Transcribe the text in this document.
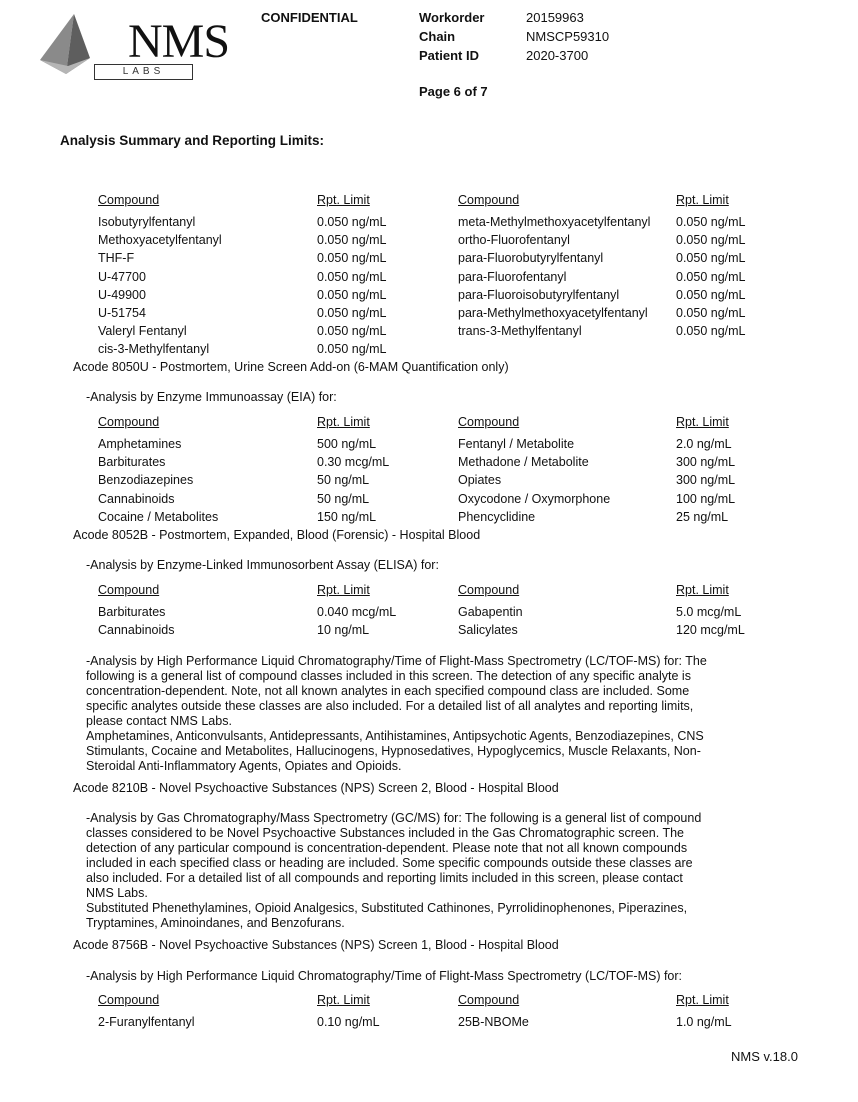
NMS
LABS
CONFIDENTIAL	Workorder	20159963
Chain	NMSCP59310
Patient ID	2020-3700
Page 6 of 7
Analysis Summary and Reporting Limits:
Compound	Rpt. Limit	Compound	Rpt. Limit
Isobutyrylfentanyl	0.050 ng/mL	meta-Methylmethoxyacetylfentanyl 0.050 ng/mL
Methoxyacetylfentanyl	0.050 ng/mL	ortho-Fluorofentanyl	0.050 ng/mL
THF-F	0.050 ng/mL	para-Fluorobutyrylfentanyl	0.050 ng/mL
U-47700	0.050 ng/mL	para-Fluorofentanyl	0.050 ng/mL
U-49900	0.050 ng/mL	para-Fluoroisobutyrylfentanyl	0.050 ng/mL
U-51754	0.050 ng/mL	para-Methylmethoxyacetylfentanyl 0.050 ng/mL
Valeryl Fentanyl	0.050 ng/mL	trans-3-Methylfentanyl	0.050 ng/mL
cis-3-Methylfentanyl	0.050 ng/mL
Acode 8050U - Postmortem, Urine Screen Add-on (6-MAM Quantification only)
-Analysis by Enzyme Immunoassay (EIA) for:
Compound	Rpt. Limit	Compound	Rpt. Limit
Amphetamines	500 ng/mL	Fentanyl / Metabolite	2.0 ng/mL
Barbiturates	0.30 mcg/mL	Methadone / Metabolite	300 ng/mL
Benzodiazepines	50 ng/mL	Opiates	300 ng/mL
Cannabinoids	50 ng/mL	Oxycodone / Oxymorphone	100 ng/mL
Cocaine / Metabolites	150 ng/mL	Phencyclidine	25 ng/mL
Acode 8052B - Postmortem, Expanded, Blood (Forensic) - Hospital Blood
-Analysis by Enzyme-Linked Immunosorbent Assay (ELISA) for:
Compound	Rpt. Limit	Compound	Rpt. Limit
Barbiturates	0.040 mcg/mL	Gabapentin	5.0 mcg/mL
Cannabinoids	10 ng/mL	Salicylates	120 mcg/mL

-Analysis by High Performance Liquid Chromatography/Time of Flight-Mass Spectrometry (LC/TOF-MS) for: The

following is a general list of compound classes included in this screen. The detection of any specific analyte is

concentration-dependent. Note, not all known analytes in each specified compound class are included. Some

specific analytes outside these classes are also included. For a detailed list of all analytes and reporting limits,

please contact NMS Labs.

Amphetamines, Anticonvulsants, Antidepressants, Antihistamines, Antipsychotic Agents, Benzodiazepines, CNS

Stimulants, Cocaine and Metabolites, Hallucinogens, Hypnosedatives, Hypoglycemics, Muscle Relaxants, Non-

Steroidal Anti-Inflammatory Agents, Opiates and Opioids.

Acode 8210B - Novel Psychoactive Substances (NPS) Screen 2, Blood - Hospital Blood

-Analysis by Gas Chromatography/Mass Spectrometry (GC/MS) for: The following is a general list of compound

classes considered to be Novel Psychoactive Substances included in the Gas Chromatographic screen. The

detection of any particular compound is concentration-dependent. Please note that not all known compounds

included in each specified class or heading are included. Some specific compounds outside these classes are

also included. For a detailed list of all compounds and reporting limits included in this screen, please contact

NMS Labs.

Substituted Phenethylamines, Opioid Analgesics, Substituted Cathinones, Pyrrolidinophenones, Piperazines,

Tryptamines, Aminoindanes, and Benzofurans.

Acode 8756B - Novel Psychoactive Substances (NPS) Screen 1, Blood - Hospital Blood
-Analysis by High Performance Liquid Chromatography/Time of Flight-Mass Spectrometry (LC/TOF-MS) for:
Compound	Rpt. Limit	Compound	Rpt. Limit
2-Furanylfentanyl	0.10 ng/mL	25B-NBOMe	1.0 ng/mL
NMS v.18.0
